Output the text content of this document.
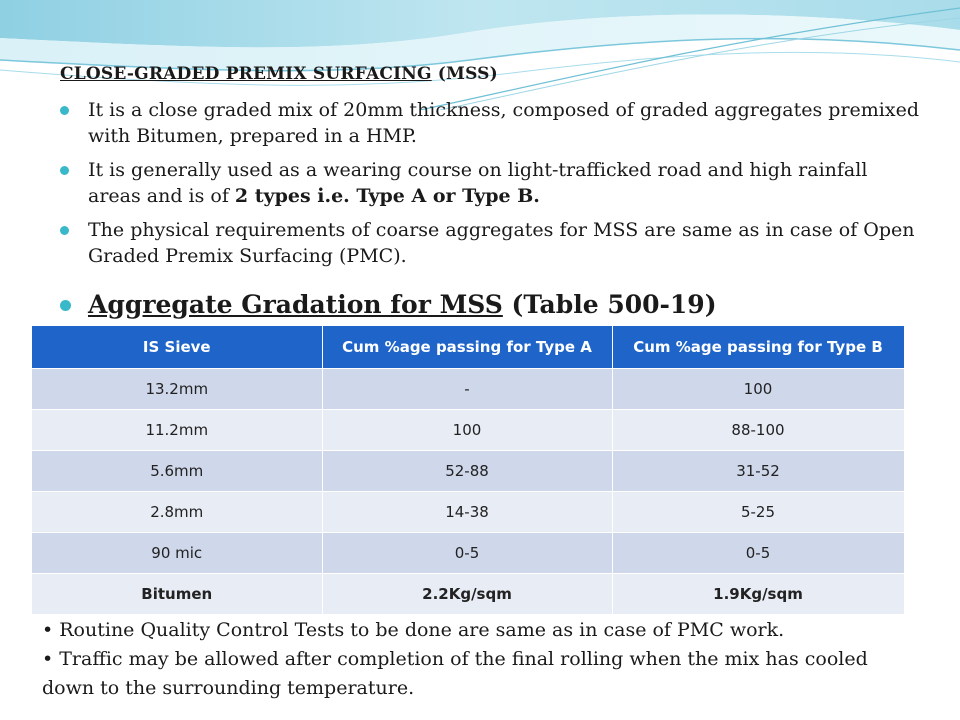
CLOSE-GRADED PREMIX SURFACING (MSS)
It is a close graded mix of 20mm thickness, composed of graded aggregates premixed with Bitumen, prepared in a HMP.
It is generally used as a wearing course on light-trafficked road and high rainfall areas and is of 2 types i.e. Type A or Type B.
The physical requirements of coarse aggregates for MSS are same as in case of Open Graded Premix Surfacing (PMC).
Aggregate Gradation for MSS (Table 500-19)
IS Sieve	Cum %age passing for Type A	Cum %age passing for Type B
13.2mm	-	100
11.2mm	100	88-100
5.6mm	52-88	31-52
2.8mm	14-38	5-25
90 mic	0-5	0-5
Bitumen	2.2Kg/sqm	1.9Kg/sqm
• Routine Quality Control Tests to be done are same as in case of PMC work.
• Traffic may be allowed after completion of the final rolling when the mix has cooled down to the surrounding temperature.
